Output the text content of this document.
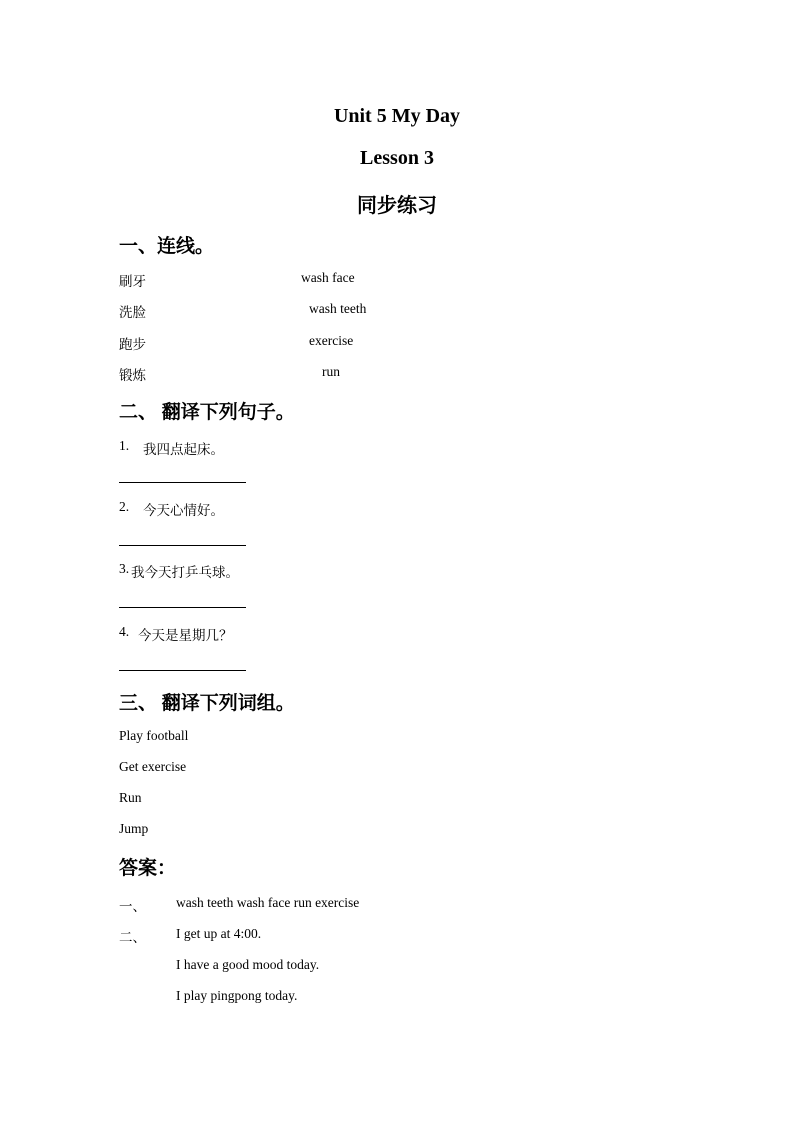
Unit 5 My Day
Lesson 3
同步练习
一、连线。
刷牙	wash face
洗脸	wash teeth
跑步	exercise
锻炼	run
二、 翻译下列句子。
1. 我四点起床。
2. 今天心情好。
3. 我今天打乒乓球。
4. 今天是星期几？
三、 翻译下列词组。
Play football
Get exercise
Run
Jump
答案：
一、 wash teeth wash face run exercise
二、 I get up at 4:00.
I have a good mood today.
I play pingpong today.
